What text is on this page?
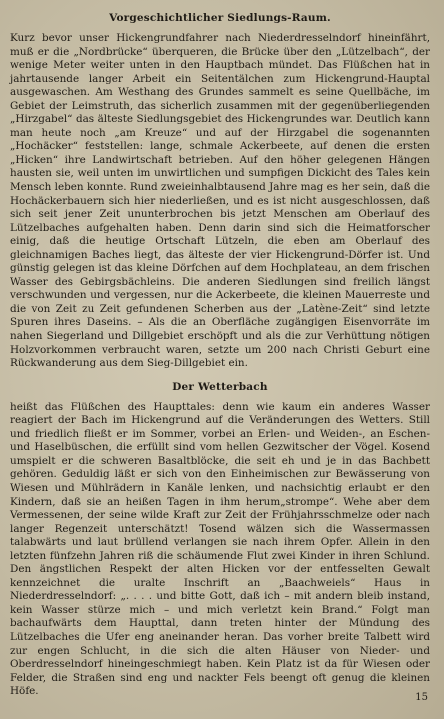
Vorgeschichtlicher Siedlungs-Raum.

Kurz bevor unser Hickengrundfahrer nach Niederdresselndorf hineinfährt, muß er die „Nordbrücke“ überqueren, die Brücke über den „Lützelbach“, der wenige Meter weiter unten in den Hauptbach mündet. Das Flüßchen hat in jahrtausende langer Arbeit ein Seitentälchen zum Hickengrund-Hauptal ausgewaschen. Am Westhang des Grundes sammelt es seine Quellbäche, im Gebiet der Leimstruth, das sicherlich zusammen mit der gegenüberliegenden „Hirzgabel“ das älteste Siedlungsgebiet des Hickengrundes war. Deutlich kann man heute noch „am Kreuze“ und auf der Hirzgabel die sogenannten „Hochäcker“ feststellen: lange, schmale Ackerbeete, auf denen die ersten „Hicken“ ihre Landwirtschaft betrieben. Auf den höher gelegenen Hängen hausten sie, weil unten im unwirtlichen und sumpfigen Dickicht des Tales kein Mensch leben konnte. Rund zweieinhalbtausend Jahre mag es her sein, daß die Hochäckerbauern sich hier niederließen, und es ist nicht ausgeschlossen, daß sich seit jener Zeit ununterbrochen bis jetzt Menschen am Oberlauf des Lützelbaches aufgehalten haben. Denn darin sind sich die Heimatforscher einig, daß die heutige Ortschaft Lützeln, die eben am Oberlauf des gleichnamigen Baches liegt, das älteste der vier Hickengrund-Dörfer ist. Und günstig gelegen ist das kleine Dörfchen auf dem Hochplateau, an dem frischen Wasser des Gebirgsbächleins. Die anderen Siedlungen sind freilich längst verschwunden und vergessen, nur die Ackerbeete, die kleinen Mauerreste und die von Zeit zu Zeit gefundenen Scherben aus der „Latène-Zeit“ sind letzte Spuren ihres Daseins. – Als die an Oberfläche zugängigen Eisenvorräte im nahen Siegerland und Dillgebiet erschöpft und als die zur Verhüttung nötigen Holzvorkommen verbraucht waren, setzte um 200 nach Christi Geburt eine Rückwanderung aus dem Sieg-Dillgebiet ein.

Der Wetterbach

heißt das Flüßchen des Haupttales: denn wie kaum ein anderes Wasser reagiert der Bach im Hickengrund auf die Veränderungen des Wetters. Still und friedlich fließt er im Sommer, vorbei an Erlen- und Weiden-, an Eschen- und Haselbüschen, die erfüllt sind vom hellen Gezwitscher der Vögel. Kosend umspielt er die schweren Basaltblöcke, die seit eh und je in das Bachbett gehören. Geduldig läßt er sich von den Einheimischen zur Bewässerung von Wiesen und Mühlrädern in Kanäle lenken, und nachsichtig erlaubt er den Kindern, daß sie an heißen Tagen in ihm herum„strompe“. Wehe aber dem Vermessenen, der seine wilde Kraft zur Zeit der Frühjahrsschmelze oder nach langer Regenzeit unterschätzt! Tosend wälzen sich die Wassermassen talabwärts und laut brüllend verlangen sie nach ihrem Opfer. Allein in den letzten fünfzehn Jahren riß die schäumende Flut zwei Kinder in ihren Schlund. Den ängstlichen Respekt der alten Hicken vor der entfesselten Gewalt kennzeichnet die uralte Inschrift an „Baachweiels“ Haus in Niederdresselndorf: „. . . . und bitte Gott, daß ich – mit andern bleib instand, kein Wasser stürze mich – und mich verletzt kein Brand.“ Folgt man bachaufwärts dem Haupttal, dann treten hinter der Mündung des Lützelbaches die Ufer eng aneinander heran. Das vorher breite Talbett wird zur engen Schlucht, in die sich die alten Häuser von Nieder- und Oberdresselndorf hineingeschmiegt haben. Kein Platz ist da für Wiesen oder Felder, die Straßen sind eng und nackter Fels beengt oft genug die kleinen Höfe.

15
